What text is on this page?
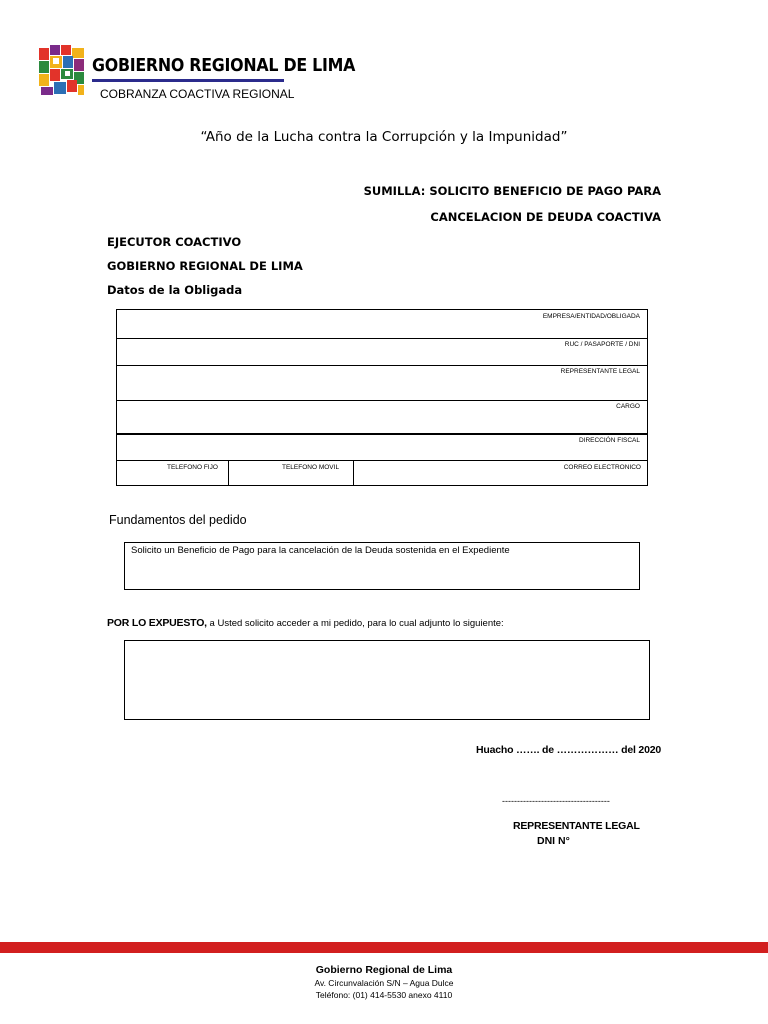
GOBIERNO REGIONAL DE LIMA
COBRANZA COACTIVA REGIONAL
“Año de la Lucha contra la Corrupción y la Impunidad”
SUMILLA: SOLICITO BENEFICIO DE PAGO PARA
CANCELACION DE DEUDA COACTIVA
EJECUTOR COACTIVO
GOBIERNO REGIONAL DE LIMA
Datos de la Obligada
EMPRESA/ENTIDAD/OBLIGADA
RUC / PASAPORTE / DNI
REPRESENTANTE LEGAL
CARGO
DIRECCIÓN FISCAL
TELEFONO FIJO	TELEFONO MOVIL	CORREO ELECTRONICO
Fundamentos del pedido
Solicito un Beneficio de Pago para la cancelación de la Deuda sostenida en el Expediente
POR LO EXPUESTO, a Usted solicito acceder a mi pedido, para lo cual adjunto lo siguiente:
Huacho ……. de ……………… del 2020
------------------------------------
REPRESENTANTE LEGAL
DNI N°
Gobierno Regional de Lima
Av. Circunvalación S/N – Agua Dulce
Teléfono: (01) 414-5530 anexo 4110
